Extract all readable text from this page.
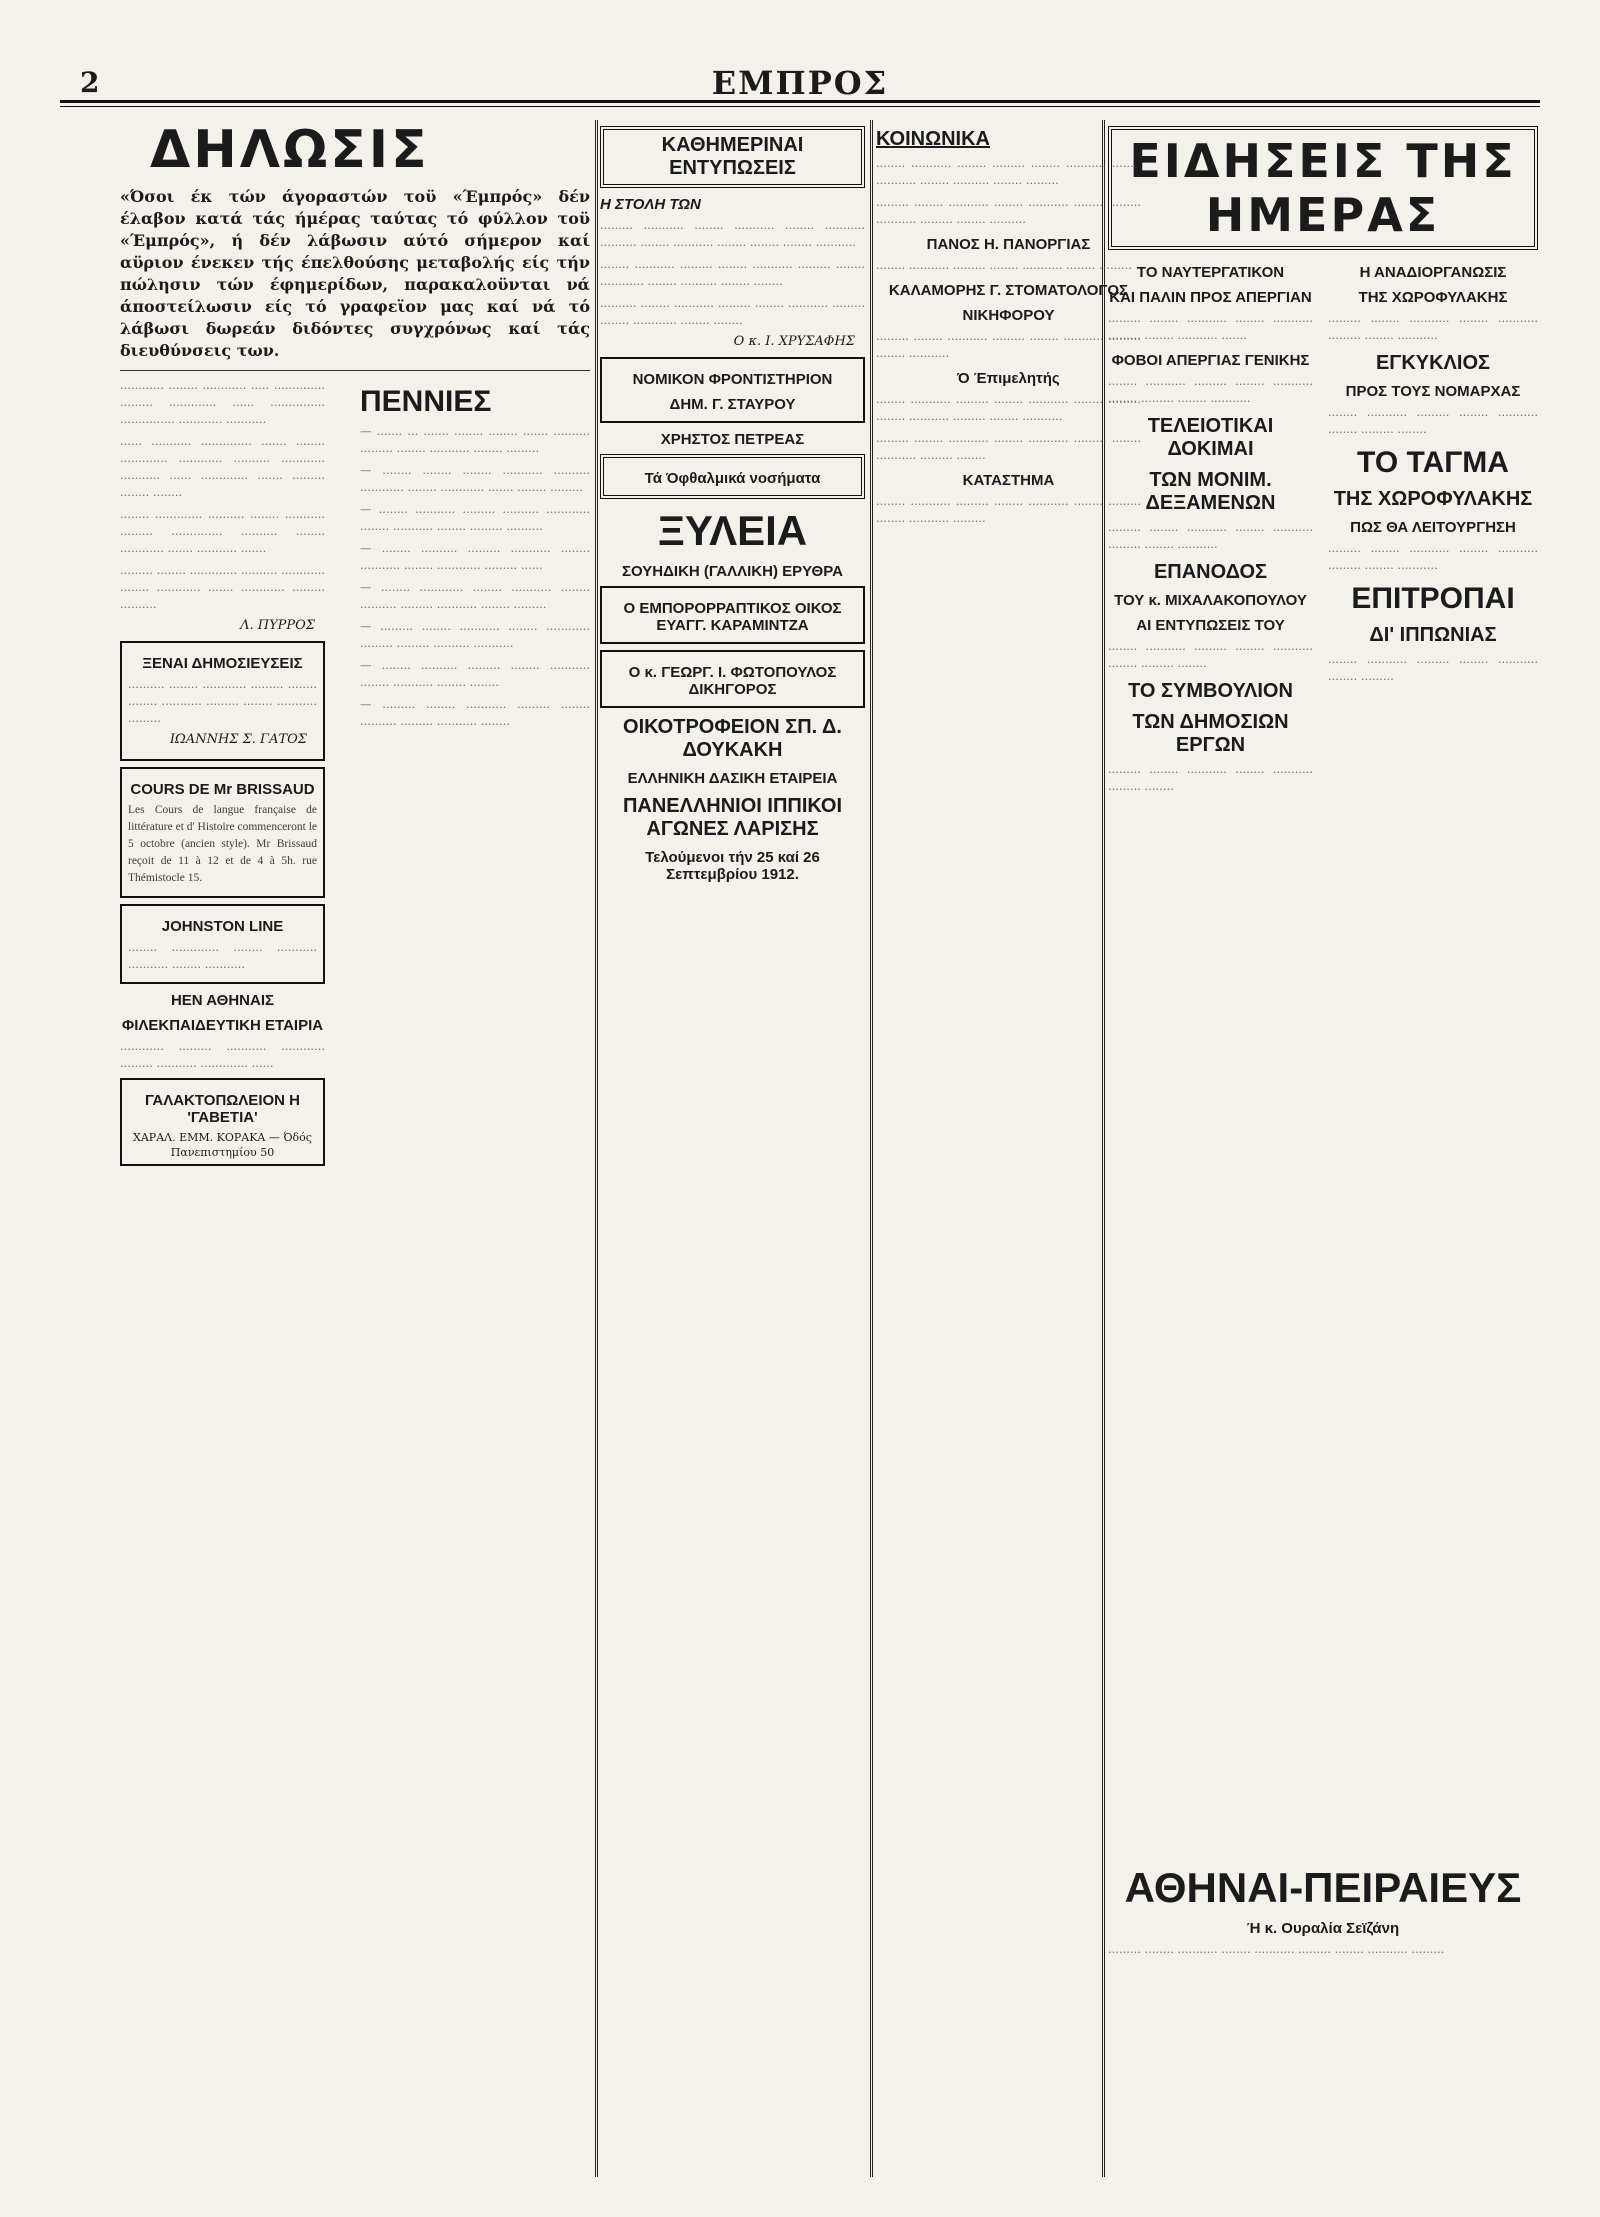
2	ΕΜΠΡΟΣ
ΔΗΛΩΣΙΣ

«Όσοι έκ τών άγοραστών τοϋ «Έμπρός» δέν έλαβον κατά τάς ήμέρας ταύτας τό φύλλον τοϋ «Έμπρός», ή δέν λάβωσιν αύτό σήμερον καί αϋριον ένεκεν τής έπελθούσης μεταβολής είς τήν πώλησιν τών έφημερίδων, παρακαλοϋνται νά άποστείλωσιν είς τό γραφεϊον μας καί νά τό λάβωσι δωρεάν διδόντες συγχρόνως καί τάς διευθύνσεις των.

............ ........ ............ ..... .............. ......... ............. ...... ............... ............... ............ ...........

...... ........... .............. ....... ........ ............. ............ .......... ............ ........... ...... ............. ....... ......... ........ ........

........ ............. .......... ........ ........... ......... .............. .......... ........ ............ ....... ........... .......

......... ........ ............. .......... ............ ........ ............ ....... ............ ......... ..........

Λ. ΠΥΡΡΟΣ
ΞΕΝΑΙ ΔΗΜΟΣΙΕΥΣΕΙΣ

.......... ........ ............ ......... ........ ........ ........... ......... ........ ........... .........

ΙΩΑΝΝΗΣ Σ. ΓΑΤΟΣ
COURS DE Mr BRISSAUD

Les Cours de langue française de littérature et d' Histoire commenceront le 5 octobre (ancien style). Mr Brissaud reçoit de 11 à 12 et de 4 à 5h. rue Thémistocle 15.

JOHNSTON LINE

........ ............. ........ ........... ........... ........ ...........

ΗΕΝ ΑΘΗΝΑΙΣ
ΦΙΛΕΚΠΑΙΔΕΥΤΙΚΗ ΕΤΑΙΡΙΑ

............ ......... ........... ............ ......... ........... ............. ......

ΓΑΛΑΚΤΟΠΩΛΕΙΟΝ Η 'ΓΑΒΕΤΙΑ'
ΧΑΡΑΛ. ΕΜΜ. ΚΟΡΑΚΑ — Όδός Πανεπιστημίου 50
ΠΕΝΝΙΕΣ

— ....... ... ....... ........ ........ ....... .......... ......... ........ ........... ........ .........

— ........ ........ ........ ........... .......... ............ ........ ............ ....... ........ .........

— ........ ........... ......... .......... ............ ........ ........... ........ ......... ..........

— ........ .......... ......... ........... ........ ........... ........ ............ ......... ......

— ........ ............ ........ ........... ........ .......... ......... ........... ........ .........

— ......... ........ ........... ........ ............ ......... ......... .......... ...........

— ........ .......... ......... ........ ........... ........ ........... ........ ........

— ......... ........ ........... ......... ........ .......... ......... ........... ........

ΚΑΘΗΜΕΡΙΝΑΙ ΕΝΤΥΠΩΣΕΙΣ
Η ΣΤΟΛΗ ΤΩΝ

......... ........... ........ ........... ........ ........... .......... ........ ........... ........ ........ ........ ...........

........ ........... ......... ........ ........... ......... ........ ............ ........ .......... ........ ........

.......... ........ ........... ......... ........ ........... ......... ........ ............ ........ ........

Ο κ. Ι. ΧΡΥΣΑΦΗΣ
ΝΟΜΙΚΟΝ ΦΡΟΝΤΙΣΤΗΡΙΟΝ
ΔΗΜ. Γ. ΣΤΑΥΡΟΥ
ΧΡΗΣΤΟΣ ΠΕΤΡΕΑΣ
Τά Όφθαλμικά νοσήματα
ΞΥΛΕΙΑ
ΣΟΥΗΔΙΚΗ (ΓΑΛΛΙΚΗ) ΕΡΥΘΡΑ
Ο ΕΜΠΟΡΟΡΡΑΠΤΙΚΟΣ ΟΙΚΟΣ ΕΥΑΓΓ. ΚΑΡΑΜΙΝΤΖΑ
Ο κ. ΓΕΩΡΓ. Ι. ΦΩΤΟΠΟΥΛΟΣ ΔΙΚΗΓΟΡΟΣ
ΟΙΚΟΤΡΟΦΕΙΟΝ ΣΠ. Δ. ΔΟΥΚΑΚΗ
ΕΛΛΗΝΙΚΗ ΔΑΣΙΚΗ ΕΤΑΙΡΕΙΑ
ΠΑΝΕΛΛΗΝΙΟΙ ΙΠΠΙΚΟΙ ΑΓΩΝΕΣ ΛΑΡΙΣΗΣ
Τελούμενοι τήν 25 καί 26 Σεπτεμβρίου 1912.
ΚΟΙΝΩΝΙΚΑ

........ ........... ........ ......... ........ ........... ........ ........... ........ .......... ........ .........

......... ........ ........... ........ ........... ......... ........ ........... ......... ........ ..........

ΠΑΝΟΣ Η. ΠΑΝΟΡΓΙΑΣ

........ ........... ......... ........ ........... ........ .........

ΚΑΛΑΜΟΡΗΣ Γ. ΣΤΟΜΑΤΟΛΟΓΟΣ
ΝΙΚΗΦΟΡΟΥ

......... ........ ........... ......... ........ ........... ......... ........ ...........

Ό Έπιμελητής

........ ........... ......... ........ ........... ........ ......... ........ ........... ......... ........ ...........

......... ........ ........... ........ ........... ......... ........ ........... ......... ........

ΚΑΤΑΣΤΗΜΑ

........ ........... ......... ........ ........... ........ ......... ........ ........... .........

ΕΙΔΗΣΕΙΣ ΤΗΣ ΗΜΕΡΑΣ
ΤΟ ΝΑΥΤΕΡΓΑΤΙΚΟΝ
ΚΑΙ ΠΑΛΙΝ ΠΡΟΣ ΑΠΕΡΓΙΑΝ

......... ........ ........... ........ ........... ......... ........ ........... .......

ΦΟΒΟΙ ΑΠΕΡΓΙΑΣ ΓΕΝΙΚΗΣ

........ ........... ......... ........ ........... ........ ......... ........ ...........

ΤΕΛΕΙΟΤΙΚΑΙ ΔΟΚΙΜΑΙ
ΤΩΝ ΜΟΝΙΜ. ΔΕΞΑΜΕΝΩΝ

......... ........ ........... ........ ........... ......... ........ ...........

ΕΠΑΝΟΔΟΣ
ΤΟΥ κ. ΜΙΧΑΛΑΚΟΠΟΥΛΟΥ
ΑΙ ΕΝΤΥΠΩΣΕΙΣ ΤΟΥ

........ ........... ......... ........ ........... ........ ......... ........

ΤΟ ΣΥΜΒΟΥΛΙΟΝ
ΤΩΝ ΔΗΜΟΣΙΩΝ ΕΡΓΩΝ

......... ........ ........... ........ ........... ......... ........

Η ΑΝΑΔΙΟΡΓΑΝΩΣΙΣ
ΤΗΣ ΧΩΡΟΦΥΛΑΚΗΣ

......... ........ ........... ........ ........... ......... ........ ...........

ΕΓΚΥΚΛΙΟΣ
ΠΡΟΣ ΤΟΥΣ ΝΟΜΑΡΧΑΣ

........ ........... ......... ........ ........... ........ ......... ........

ΤΟ ΤΑΓΜΑ
ΤΗΣ ΧΩΡΟΦΥΛΑΚΗΣ
ΠΩΣ ΘΑ ΛΕΙΤΟΥΡΓΗΣΗ

......... ........ ........... ........ ........... ......... ........ ...........

ΕΠΙΤΡΟΠΑΙ
ΔΙ' ΙΠΠΩΝΙΑΣ

........ ........... ......... ........ ........... ........ .........

ΑΘΗΝΑΙ-ΠΕΙΡΑΙΕΥΣ
Ή κ. Ουραλία Σεϊζάνη

......... ........ ........... ........ ........... ......... ........ ........... .........
